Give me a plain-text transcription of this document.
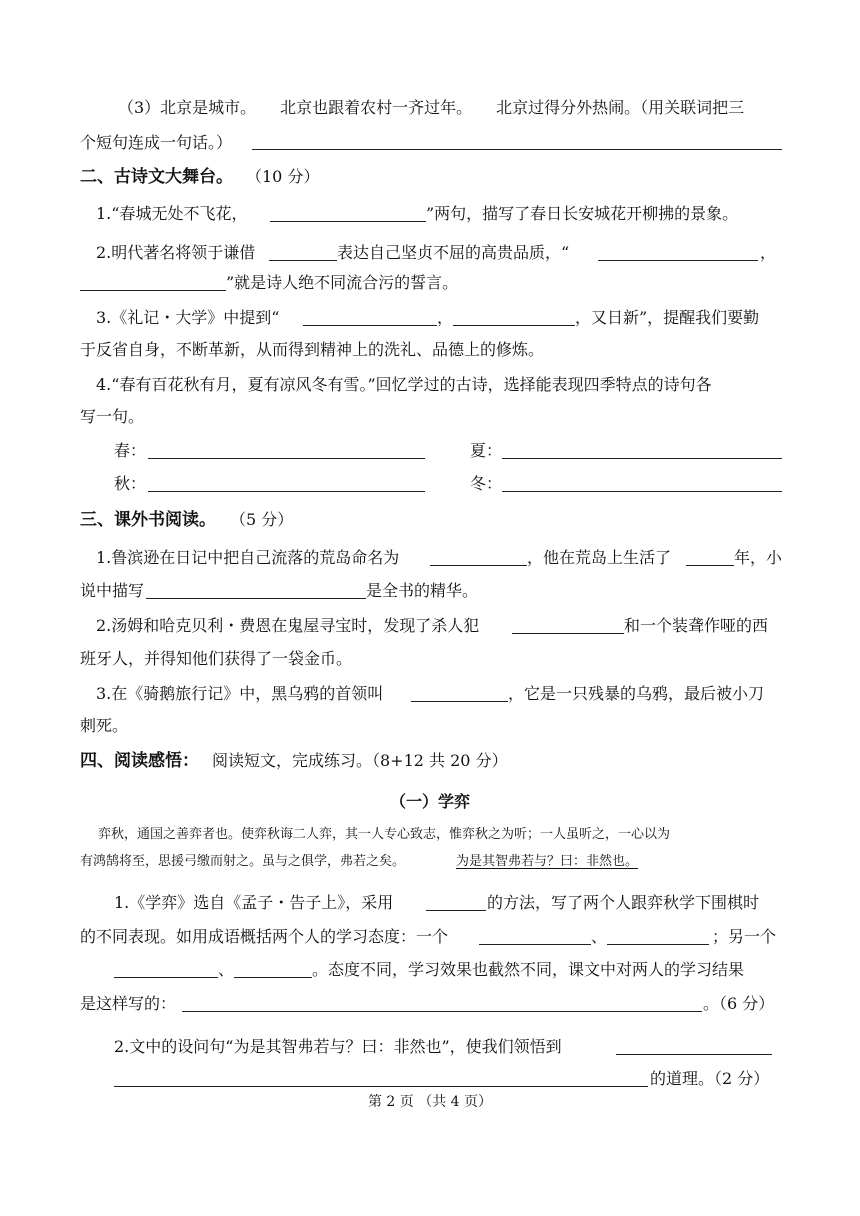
（3）北京是城市。　　北京也跟着农村一齐过年。　　北京过得分外热闹。（用关联词把三
个短句连成一句话。）
二、古诗文大舞台。 （10 分）
1.“春城无处不飞花，	”两句，描写了春日长安城花开柳拂的景象。
2.明代著名将领于谦借	表达自己坚贞不屈的高贵品质，“	，
”就是诗人绝不同流合污的誓言。
3.《礼记・大学》中提到“	，	，又日新”，提醒我们要勤
于反省自身，不断革新，从而得到精神上的洗礼、品德上的修炼。
4.“春有百花秋有月，夏有凉风冬有雪。”回忆学过的古诗，选择能表现四季特点的诗句各
写一句。
春：	夏：
秋：	冬：
三、课外书阅读。 （5 分）
1.鲁滨逊在日记中把自己流落的荒岛命名为	，他在荒岛上生活了	年，小
说中描写	是全书的精华。
2.汤姆和哈克贝利・费恩在鬼屋寻宝时，发现了杀人犯	和一个装聋作哑的西
班牙人，并得知他们获得了一袋金币。
3.在《骑鹅旅行记》中，黑乌鸦的首领叫	，它是一只残暴的乌鸦，最后被小刀
刺死。
四、阅读感悟： 阅读短文，完成练习。（8+12 共 20 分）
（一）学弈
弈秋，通国之善弈者也。使弈秋诲二人弈，其一人专心致志，惟弈秋之为听；一人虽听之，一心以为
有鸿鹄将至，思援弓缴而射之。虽与之俱学，弗若之矣。	为是其智弗若与？曰：非然也。
1.《学弈》选自《孟子・告子上》，采用	的方法，写了两个人跟弈秋学下围棋时
的不同表现。如用成语概括两个人的学习态度：一个	、	；另一个
、	。态度不同，学习效果也截然不同，课文中对两人的学习结果
是这样写的：	。（6 分）
2.文中的设问句“为是其智弗若与？曰：非然也”，使我们领悟到
的道理。（2 分）
第 2 页 （共 4 页）
